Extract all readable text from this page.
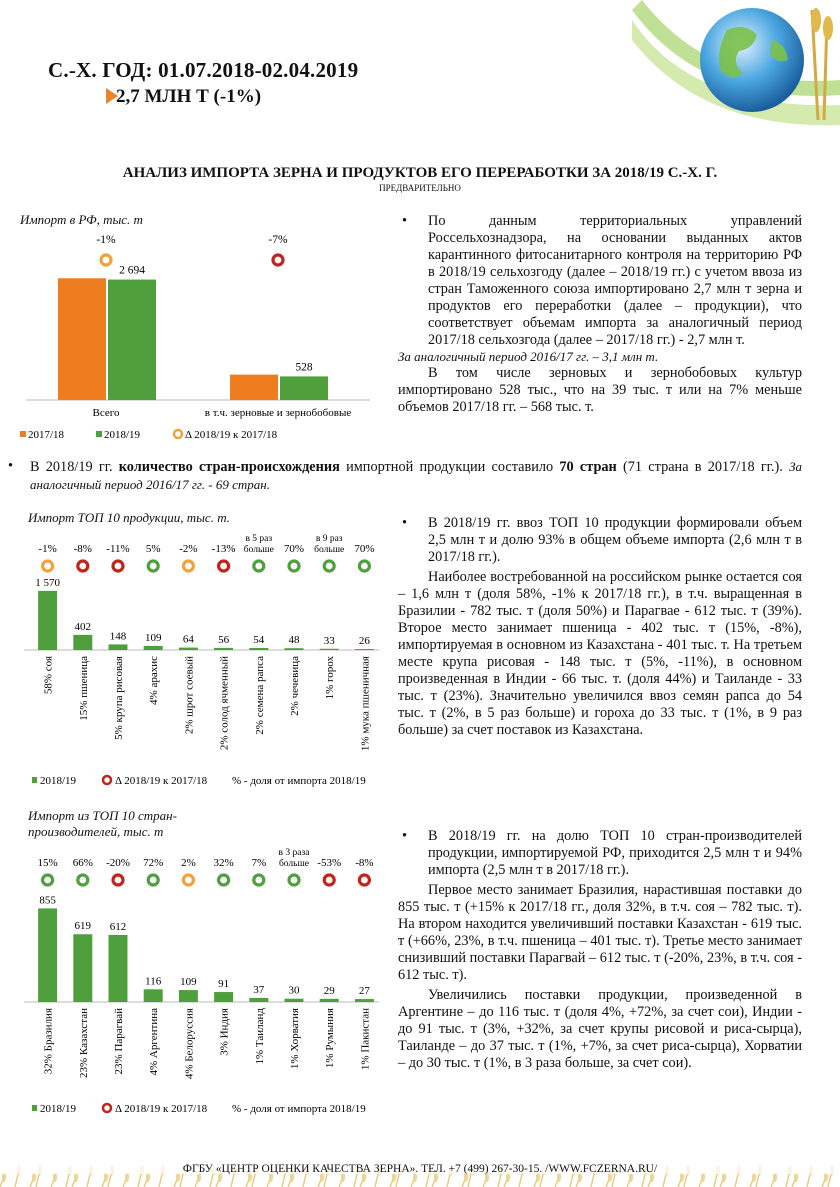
С.-Х. ГОД: 01.07.2018-02.04.2019
2,7 МЛН Т (-1%)
АНАЛИЗ ИМПОРТА ЗЕРНА И ПРОДУКТОВ ЕГО ПЕРЕРАБОТКИ ЗА 2018/19 С.-Х. Г.
ПРЕДВАРИТЕЛЬНО
Импорт в РФ, тыс. т
2 694
-1%
Всего
528
-7%
в т.ч. зерновые и зернобобовые
2017/18	2018/19	Δ 2018/19 к 2017/18

• По данным территориальных управлений Россельхознадзора, на основании выданных актов карантинного фитосанитарного контроля на территорию РФ в 2018/19 сельхозгоду (далее – 2018/19 гг.) с учетом ввоза из стран Таможенного союза импортировано 2,7 млн т зерна и продуктов его переработки (далее – продукции), что соответствует объемам импорта за аналогичный период 2017/18 сельхозгода (далее – 2017/18 гг.) - 2,7 млн т.

За аналогичный период 2016/17 гг. – 3,1 млн т.

В том числе зерновых и зернобобовых культур импортировано 528 тыс., что на 39 тыс. т или на 7% меньше объемов 2017/18 гг. – 568 тыс. т.

• В 2018/19 гг. количество стран-происхождения импортной продукции составило 70 стран (71 страна в 2017/18 гг.). За аналогичный период 2016/17 гг. - 69 стран.
Импорт ТОП 10 продукции, тыс. т.
1 570
-1%
58% соя
402
-8%
15% пшеница
148
-11%
5% крупа рисовая
109
5%
4% арахис
64
-2%
2% шрот соевый
56
-13%
2% солод ячменный
54
в 5 раз
больше
2% семена рапса
48
70%
2% чечевица
33
в 9 раз
больше
1% горох
26
70%
1% мука пшеничная
2018/19	Δ 2018/19 к 2017/18 % - доля от импорта 2018/19

• В 2018/19 гг. ввоз ТОП 10 продукции формировали объем 2,5 млн т и долю 93% в общем объеме импорта (2,6 млн т в 2017/18 гг.).

Наиболее востребованной на российском рынке остается соя – 1,6 млн т (доля 58%, -1% к 2017/18 гг.), в т.ч. выращенная в Бразилии - 782 тыс. т (доля 50%) и Парагвае - 612 тыс. т (39%). Второе место занимает пшеница - 402 тыс. т (15%, -8%), импортируемая в основном из Казахстана - 401 тыс. т. На третьем месте крупа рисовая - 148 тыс. т (5%, -11%), в основном произведенная в Индии - 66 тыс. т. (доля 44%) и Таиланде - 33 тыс. т (23%). Значительно увеличился ввоз семян рапса до 54 тыс. т (2%, в 5 раз больше) и гороха до 33 тыс. т (1%, в 9 раз больше) за счет поставок из Казахстана.

Импорт из ТОП 10 стран-производителей, тыс. т
855
15%
32% Бразилия
619
66%
23% Казахстан
612
-20%
23% Парагвай
116
72%
4% Аргентина
109
2%
4% Белоруссия
91
32%
3% Индия
37
7%
1% Таиланд
30
в 3 раза
больше
1% Хорватия
29
-53%
1% Румыния
27
-8%
1% Пакистан
2018/19	Δ 2018/19 к 2017/18 % - доля от импорта 2018/19

• В 2018/19 гг. на долю ТОП 10 стран-производителей продукции, импортируемой РФ, приходится 2,5 млн т и 94% импорта (2,5 млн т в 2017/18 гг.).

Первое место занимает Бразилия, нарастившая поставки до 855 тыс. т (+15% к 2017/18 гг., доля 32%, в т.ч. соя – 782 тыс. т). На втором находится увеличивший поставки Казахстан - 619 тыс. т (+66%, 23%, в т.ч. пшеница – 401 тыс. т). Третье место занимает снизивший поставки Парагвай – 612 тыс. т (-20%, 23%, в т.ч. соя - 612 тыс. т).

Увеличились поставки продукции, произведенной в Аргентине – до 116 тыс. т (доля 4%, +72%, за счет сои), Индии - до 91 тыс. т (3%, +32%, за счет крупы рисовой и риса-сырца), Таиланде – до 37 тыс. т (1%, +7%, за счет риса-сырца), Хорватии – до 30 тыс. т (1%, в 3 раза больше, за счет сои).

ФГБУ «ЦЕНТР ОЦЕНКИ КАЧЕСТВА ЗЕРНА». ТЕЛ. +7 (499) 267-30-15. /WWW.FCZERNA.RU/
